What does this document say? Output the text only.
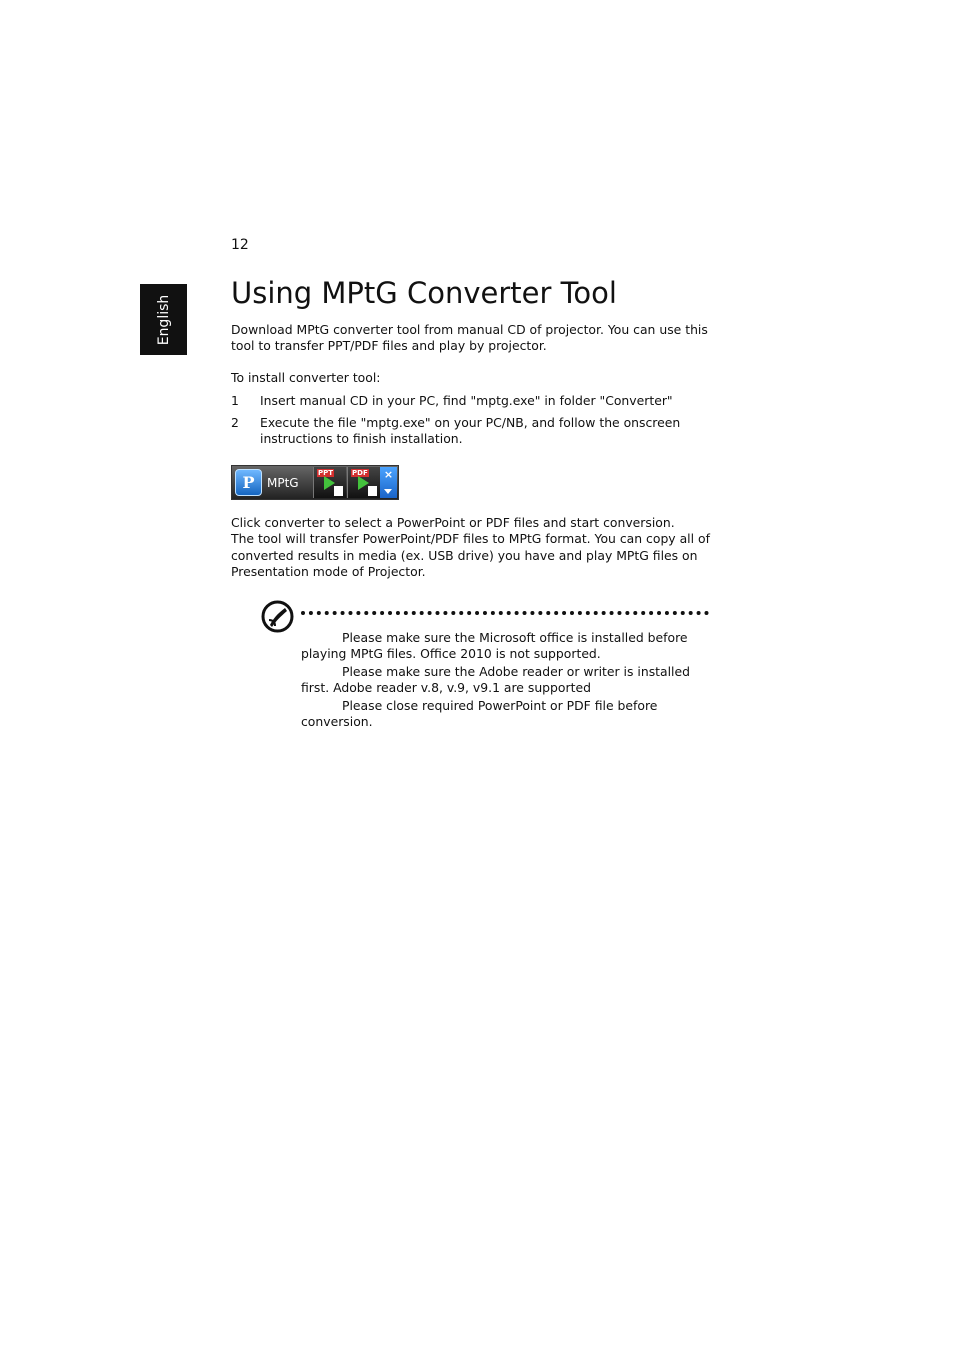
12
English
Using MPtG Converter Tool
Download MPtG converter tool from manual CD of projector. You can use this tool to transfer PPT/PDF files and play by projector.
To install converter tool:
1 Insert manual CD in your PC, find "mptg.exe" in folder "Converter"
2 Execute the file "mptg.exe" on your PC/NB, and follow the onscreen instructions to finish installation.
P	MPtG
PPT	PDF	×
Click converter to select a PowerPoint or PDF files and start conversion.
The tool will transfer PowerPoint/PDF files to MPtG format. You can copy all of converted results in media (ex. USB drive) you have and play MPtG files on Presentation mode of Projector.
Please make sure the Microsoft office is installed before playing MPtG files. Office 2010 is not supported.
Please make sure the Adobe reader or writer is installed first. Adobe reader v.8, v.9, v9.1 are supported
Please close required PowerPoint or PDF file before conversion.
